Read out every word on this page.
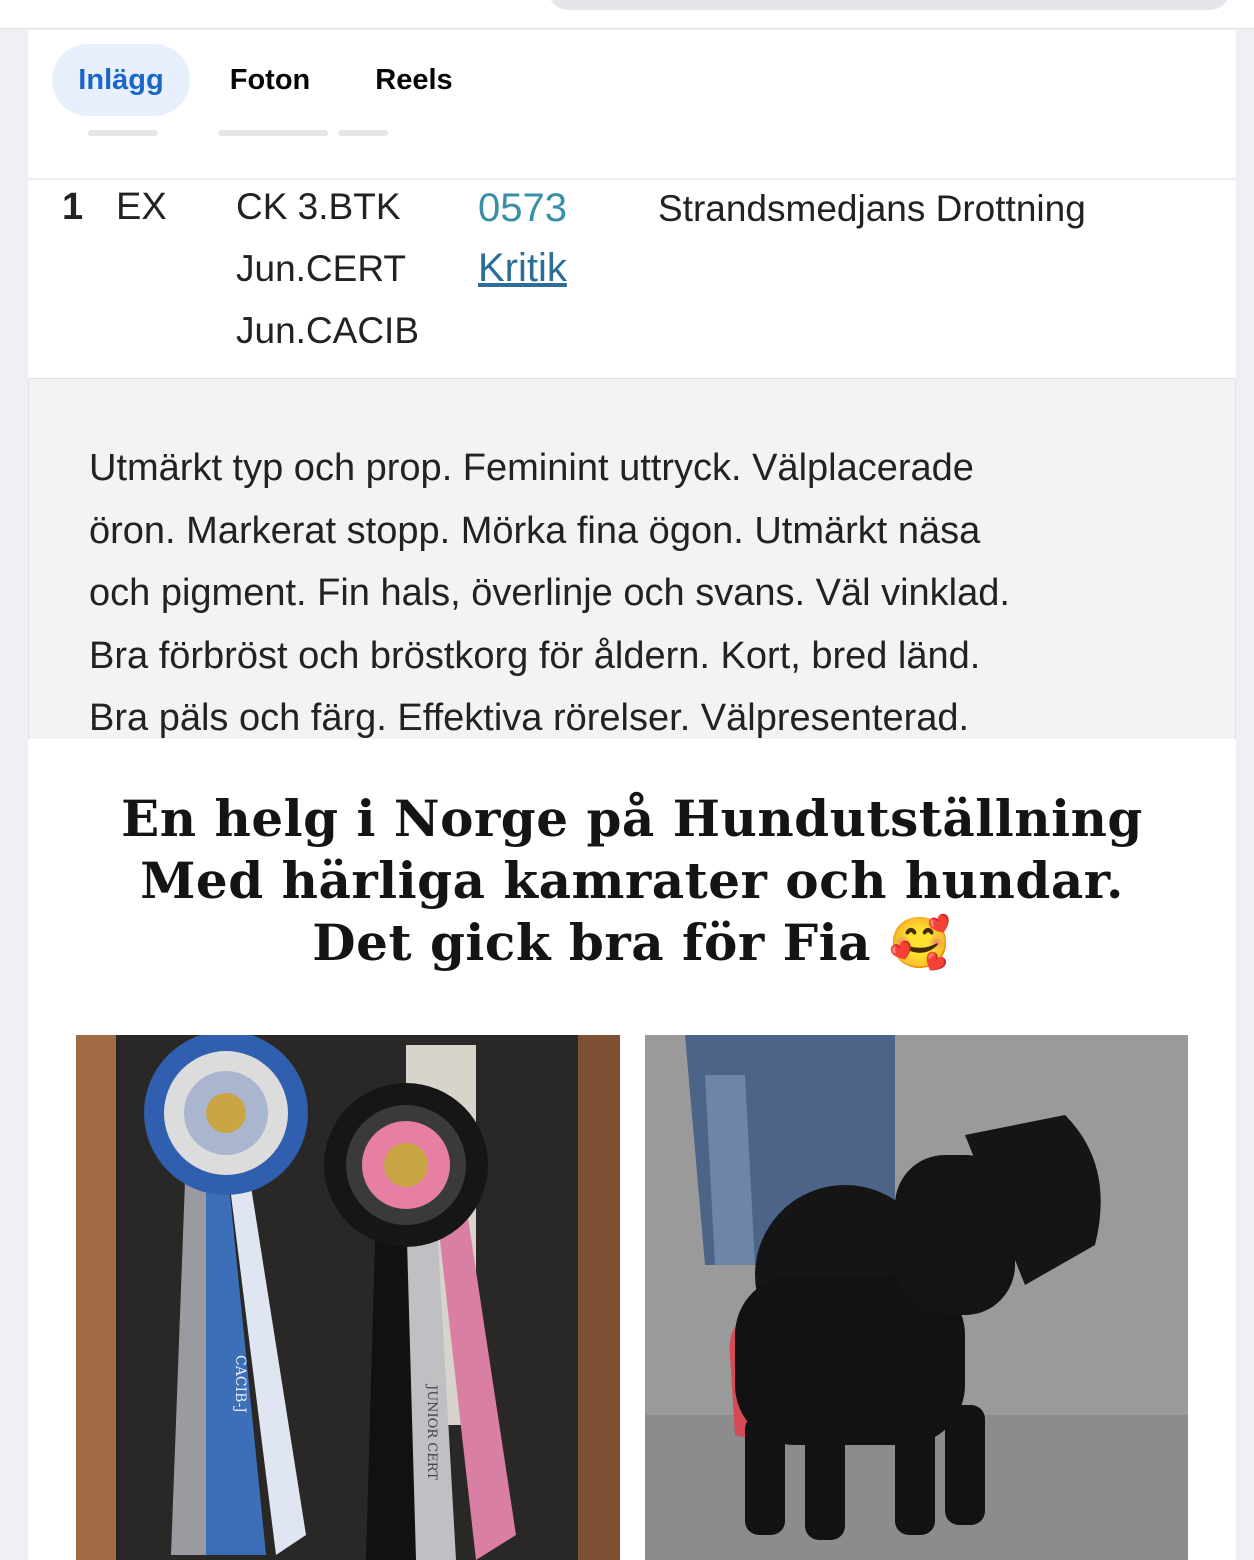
Inlägg	Foton	Reels
1 EX CK 3.BTK
Jun.CERT
Jun.CACIB
0573
Kritik
Strandsmedjans Drottning
Utmärkt typ och prop. Feminint uttryck. Välplacerade
öron. Markerat stopp. Mörka fina ögon. Utmärkt näsa
och pigment. Fin hals, överlinje och svans. Väl vinklad.
Bra förbröst och bröstkorg för åldern. Kort, bred länd.
Bra päls och färg. Effektiva rörelser. Välpresenterad.
En helg i Norge på Hundutställning
Med härliga kamrater och hundar.
Det gick bra för Fia 🥰
CACIB-J
JUNIOR CERT
